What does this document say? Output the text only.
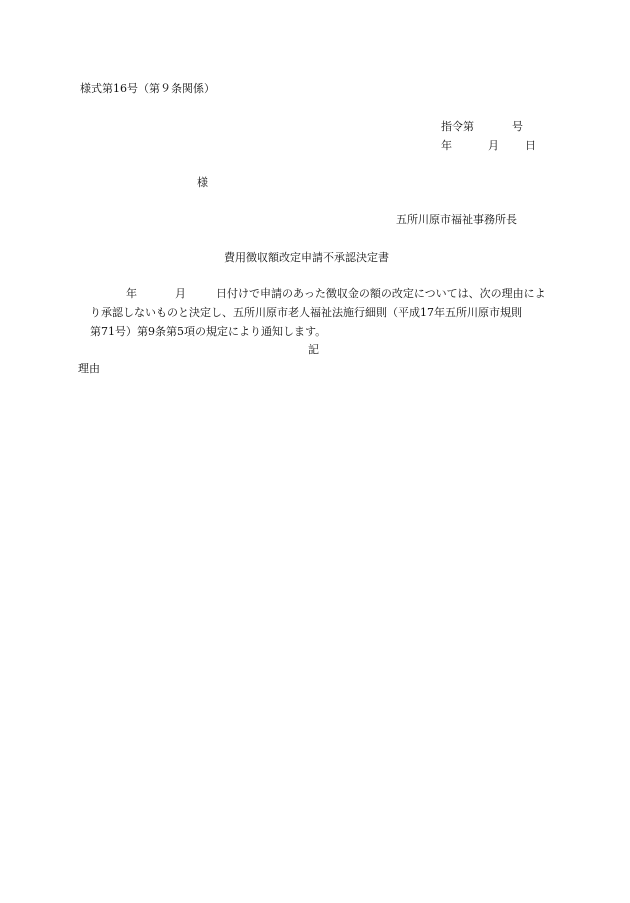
様式第16号（第９条関係）
指令第	号
年	月 日
様
五所川原市福祉事務所長
費用徴収額改定申請不承認決定書
年	月	日付けで申請のあった徴収金の額の改定については、次の理由によ
り承認しないものと決定し、五所川原市老人福祉法施行細則（平成17年五所川原市規則
第71号）第9条第5項の規定により通知します。
記
理由
